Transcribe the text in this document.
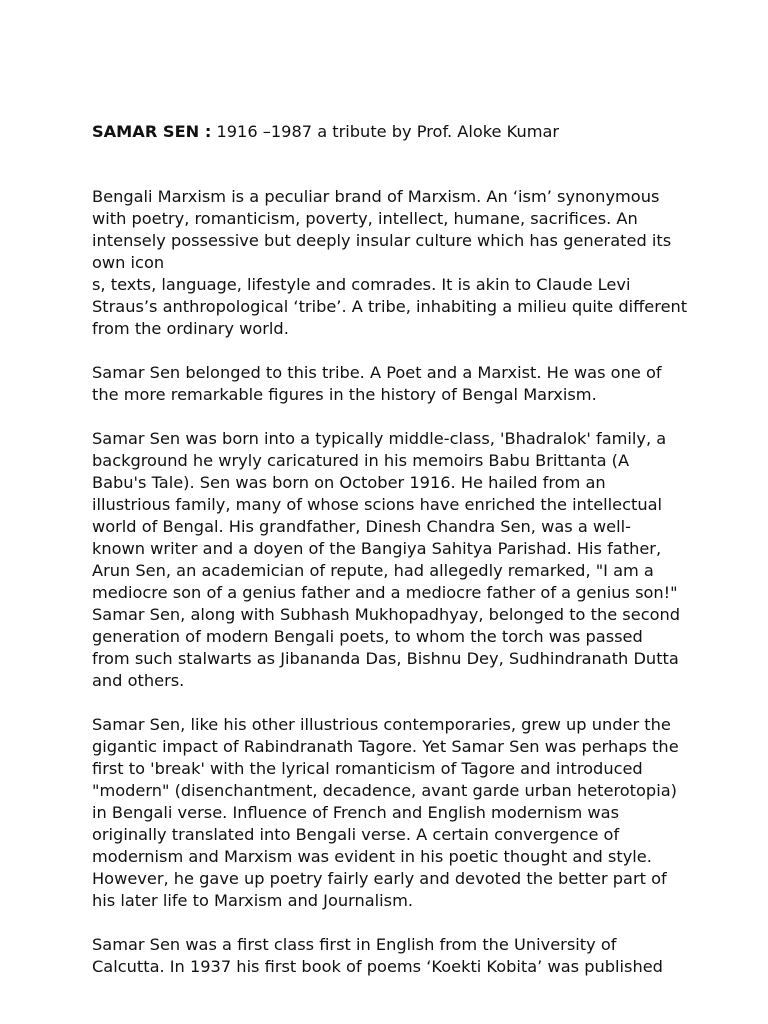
SAMAR SEN : 1916 –1987 a tribute by Prof. Aloke Kumar

Bengali Marxism is a peculiar brand of Marxism. An ‘ism’ synonymous
with poetry, romanticism, poverty, intellect, humane, sacrifices. An
intensely possessive but deeply insular culture which has generated its
own icon
s, texts, language, lifestyle and comrades. It is akin to Claude Levi
Straus’s anthropological ‘tribe’. A tribe, inhabiting a milieu quite different
from the ordinary world.

Samar Sen belonged to this tribe. A Poet and a Marxist. He was one of
the more remarkable figures in the history of Bengal Marxism.

Samar Sen was born into a typically middle-class, 'Bhadralok' family, a
background he wryly caricatured in his memoirs Babu Brittanta (A
Babu's Tale). Sen was born on October 1916. He hailed from an
illustrious family, many of whose scions have enriched the intellectual
world of Bengal. His grandfather, Dinesh Chandra Sen, was a well-
known writer and a doyen of the Bangiya Sahitya Parishad. His father,
Arun Sen, an academician of repute, had allegedly remarked, "I am a
mediocre son of a genius father and a mediocre father of a genius son!"
Samar Sen, along with Subhash Mukhopadhyay, belonged to the second
generation of modern Bengali poets, to whom the torch was passed
from such stalwarts as Jibananda Das, Bishnu Dey, Sudhindranath Dutta
and others.

Samar Sen, like his other illustrious contemporaries, grew up under the
gigantic impact of Rabindranath Tagore. Yet Samar Sen was perhaps the
first to 'break' with the lyrical romanticism of Tagore and introduced
"modern" (disenchantment, decadence, avant garde urban heterotopia)
in Bengali verse. Influence of French and English modernism was
originally translated into Bengali verse. A certain convergence of
modernism and Marxism was evident in his poetic thought and style.
However, he gave up poetry fairly early and devoted the better part of
his later life to Marxism and Journalism.

Samar Sen was a first class first in English from the University of
Calcutta. In 1937 his first book of poems ‘Koekti Kobita’ was published
